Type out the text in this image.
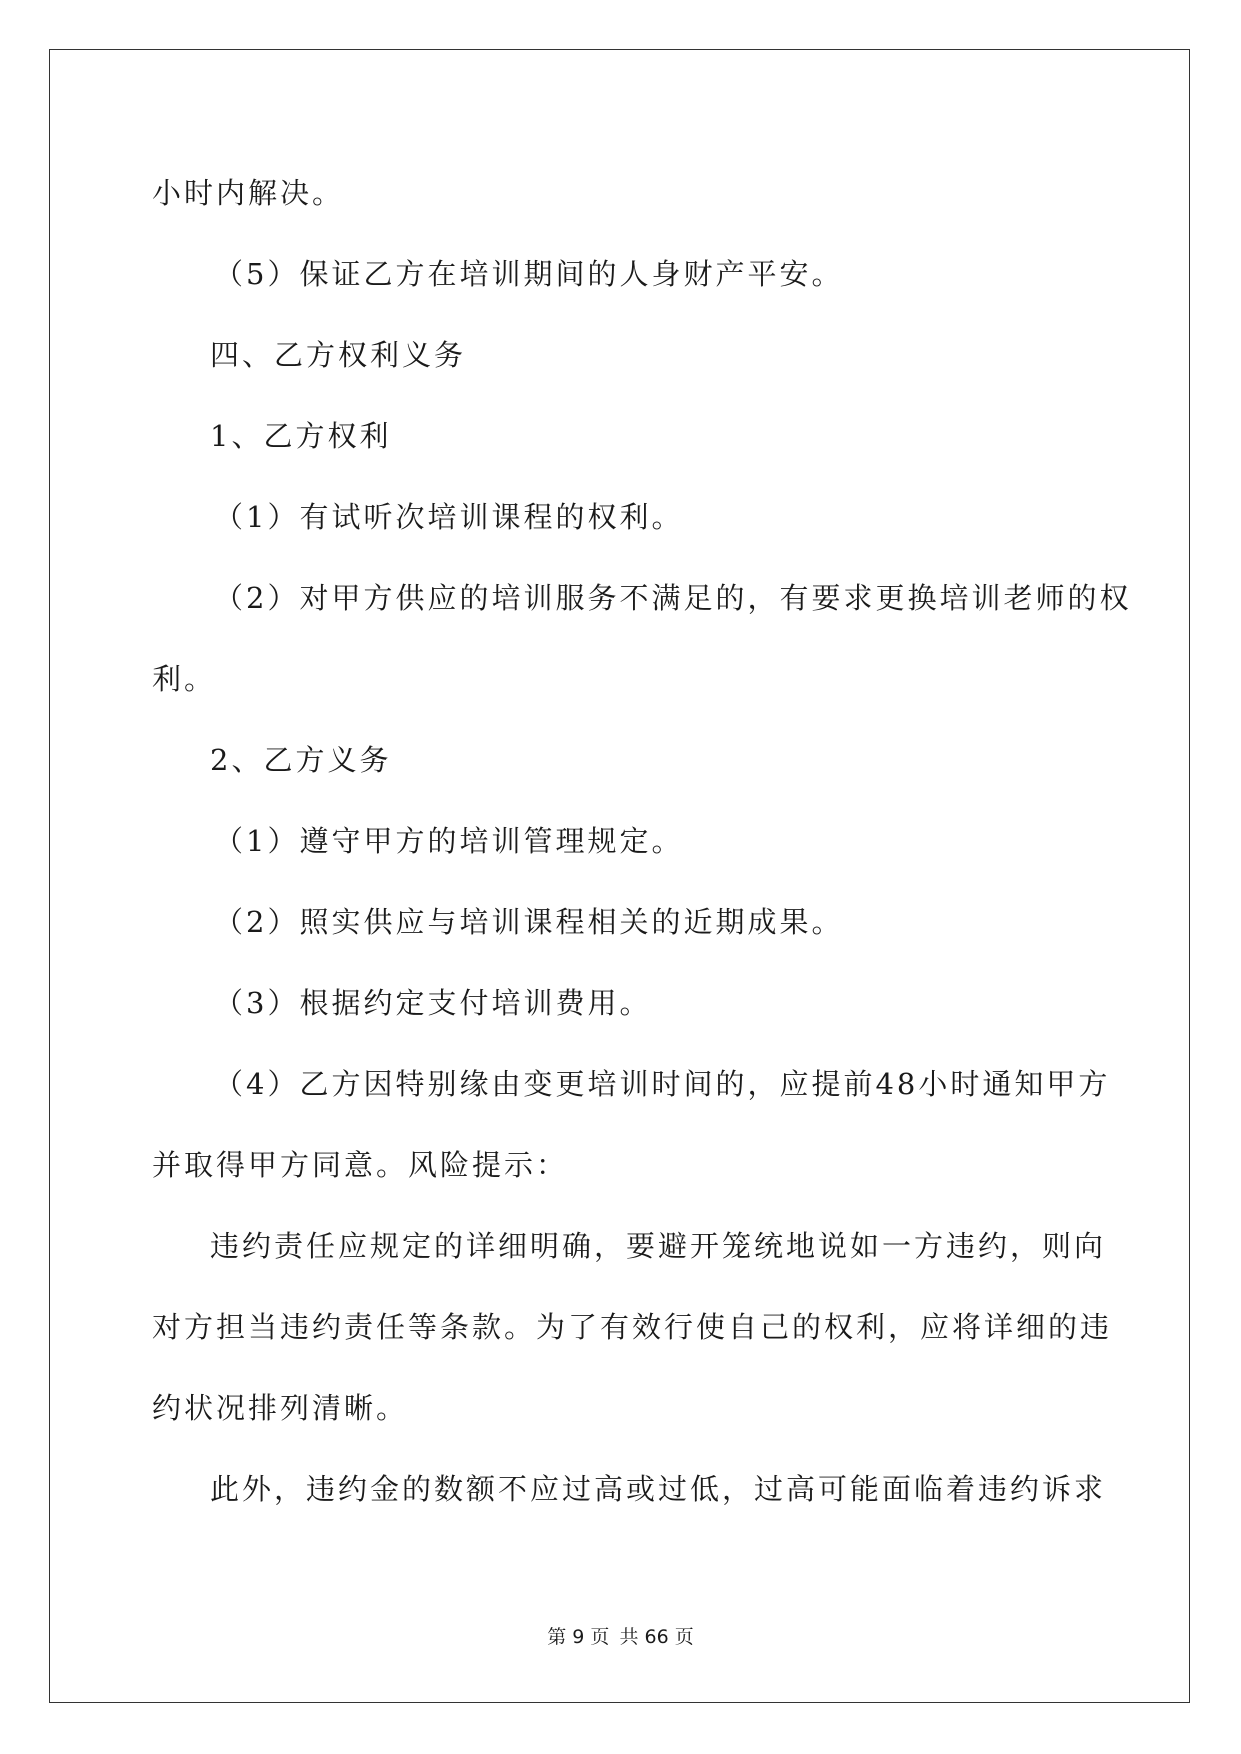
小时内解决。
（5）保证乙方在培训期间的人身财产平安。
四、乙方权利义务
1、乙方权利
（1）有试听次培训课程的权利。
（2）对甲方供应的培训服务不满足的，有要求更换培训老师的权
利。
2、乙方义务
（1）遵守甲方的培训管理规定。
（2）照实供应与培训课程相关的近期成果。
（3）根据约定支付培训费用。
（4）乙方因特别缘由变更培训时间的，应提前48小时通知甲方
并取得甲方同意。风险提示：
违约责任应规定的详细明确，要避开笼统地说如一方违约，则向
对方担当违约责任等条款。为了有效行使自己的权利，应将详细的违
约状况排列清晰。
此外，违约金的数额不应过高或过低，过高可能面临着违约诉求
第 9 页 共 66 页
